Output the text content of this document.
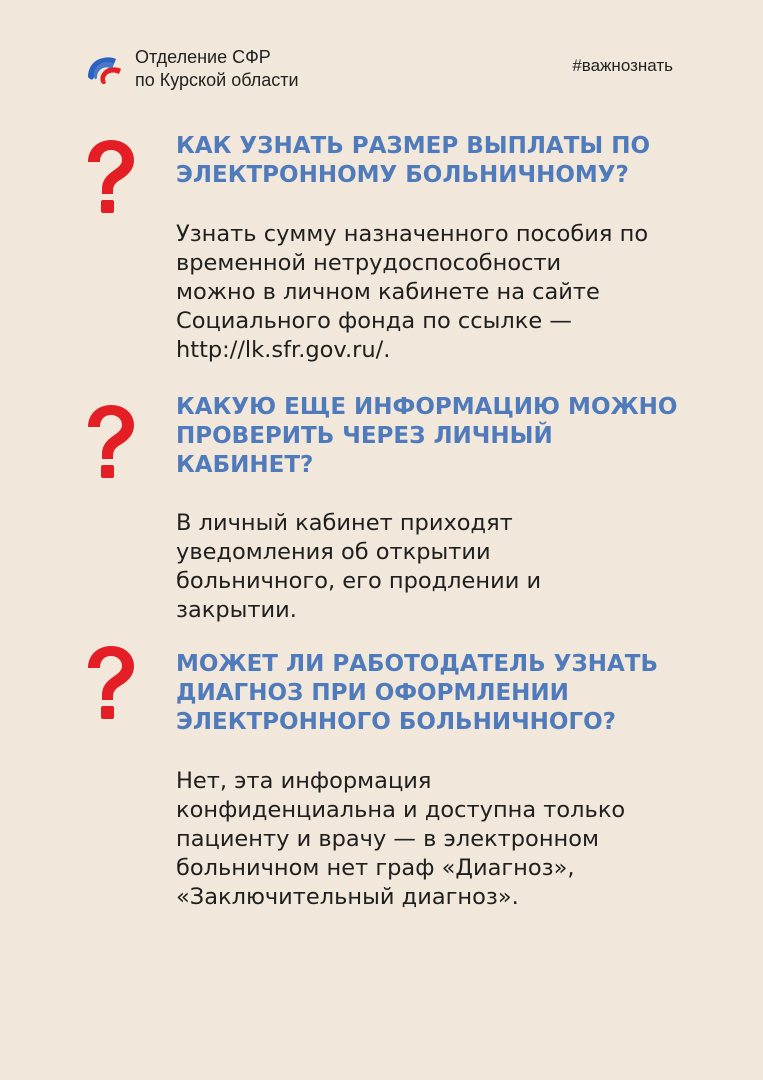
Отделение СФР
по Курской области
#важнознать
КАК УЗНАТЬ РАЗМЕР ВЫПЛАТЫ ПО
ЭЛЕКТРОННОМУ БОЛЬНИЧНОМУ?
Узнать сумму назначенного пособия по
временной нетрудоспособности
можно в личном кабинете на сайте
Социального фонда по ссылке —
http://lk.sfr.gov.ru/.
КАКУЮ ЕЩЕ ИНФОРМАЦИЮ МОЖНО
ПРОВЕРИТЬ ЧЕРЕЗ ЛИЧНЫЙ
КАБИНЕТ?
В личный кабинет приходят
уведомления об открытии
больничного, его продлении и
закрытии.
МОЖЕТ ЛИ РАБОТОДАТЕЛЬ УЗНАТЬ
ДИАГНОЗ ПРИ ОФОРМЛЕНИИ
ЭЛЕКТРОННОГО БОЛЬНИЧНОГО?
Нет, эта информация
конфиденциальна и доступна только
пациенту и врачу — в электронном
больничном нет граф «Диагноз»,
«Заключительный диагноз».
